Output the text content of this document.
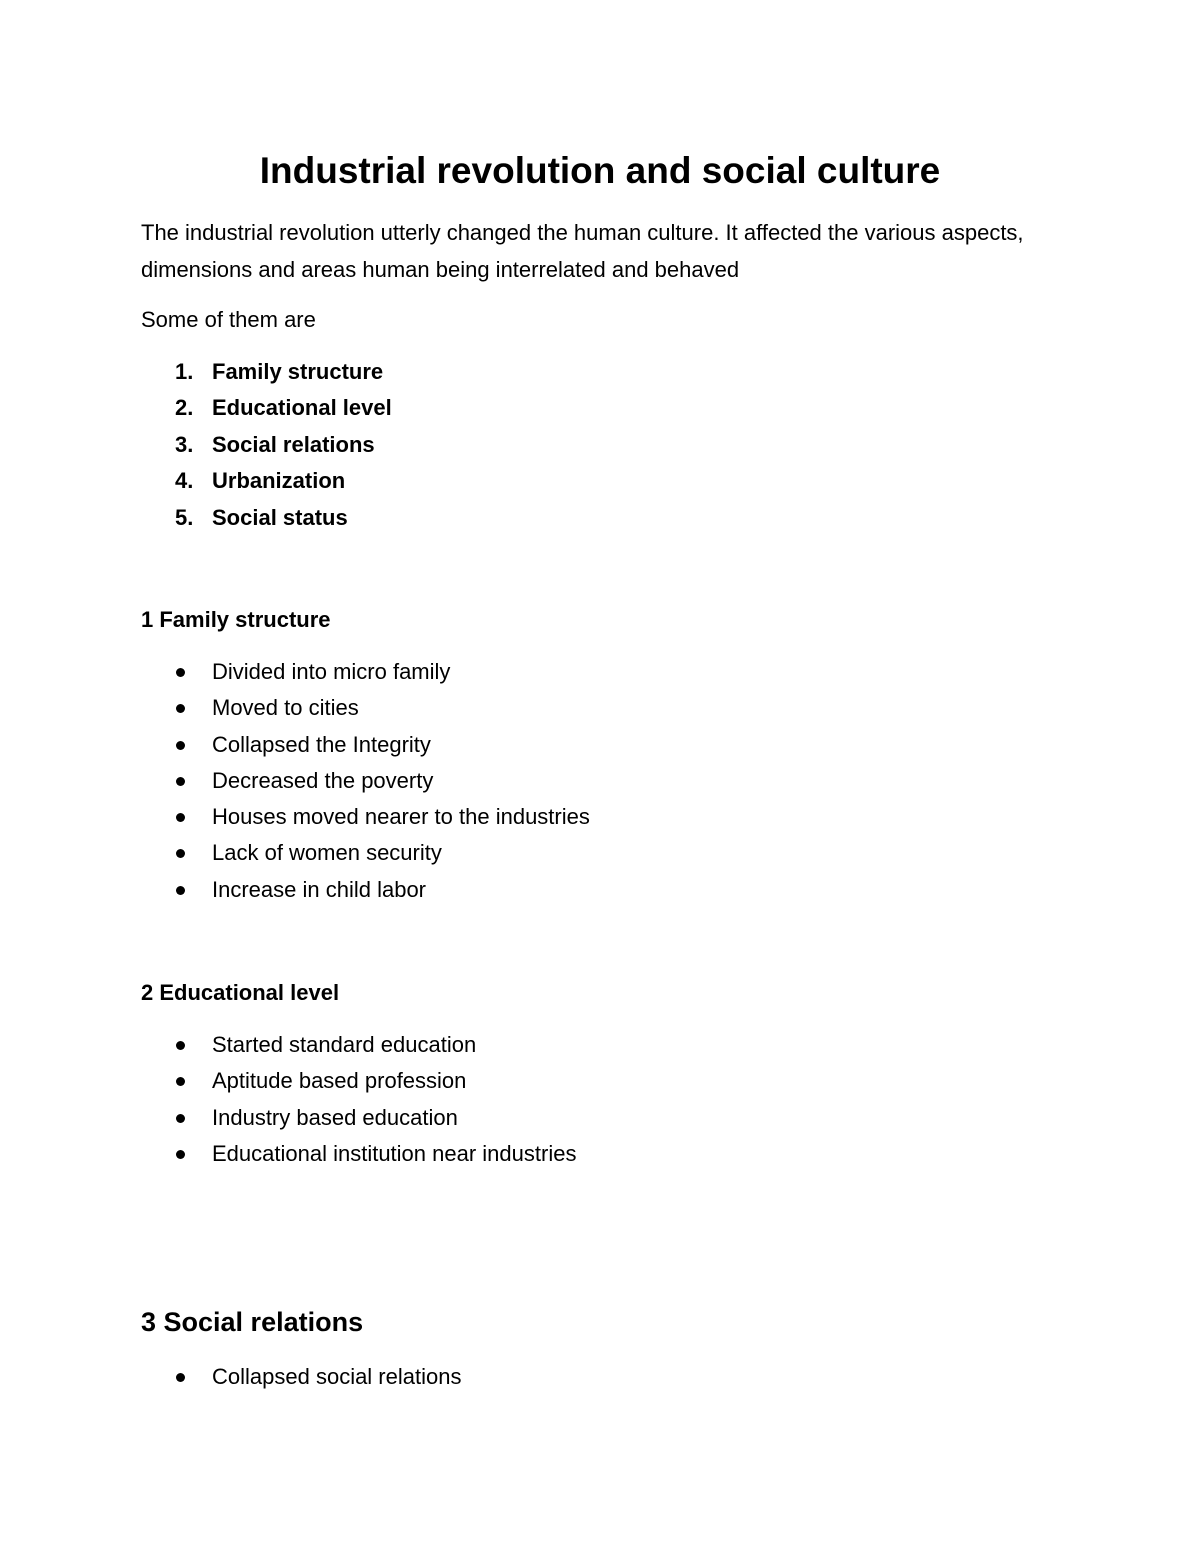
Industrial revolution and social culture

The industrial revolution utterly changed the human culture. It affected the various aspects, dimensions and areas human being interrelated and behaved

Some of them are

1. Family structure
2. Educational level
3. Social relations
4. Urbanization
5. Social status
1 Family structure
Divided into micro family
Moved to cities
Collapsed the Integrity
Decreased the poverty
Houses moved nearer to the industries
Lack of women security
Increase in child labor
2 Educational level
Started standard education
Aptitude based profession
Industry based education
Educational institution near industries
3 Social relations
Collapsed social relations
